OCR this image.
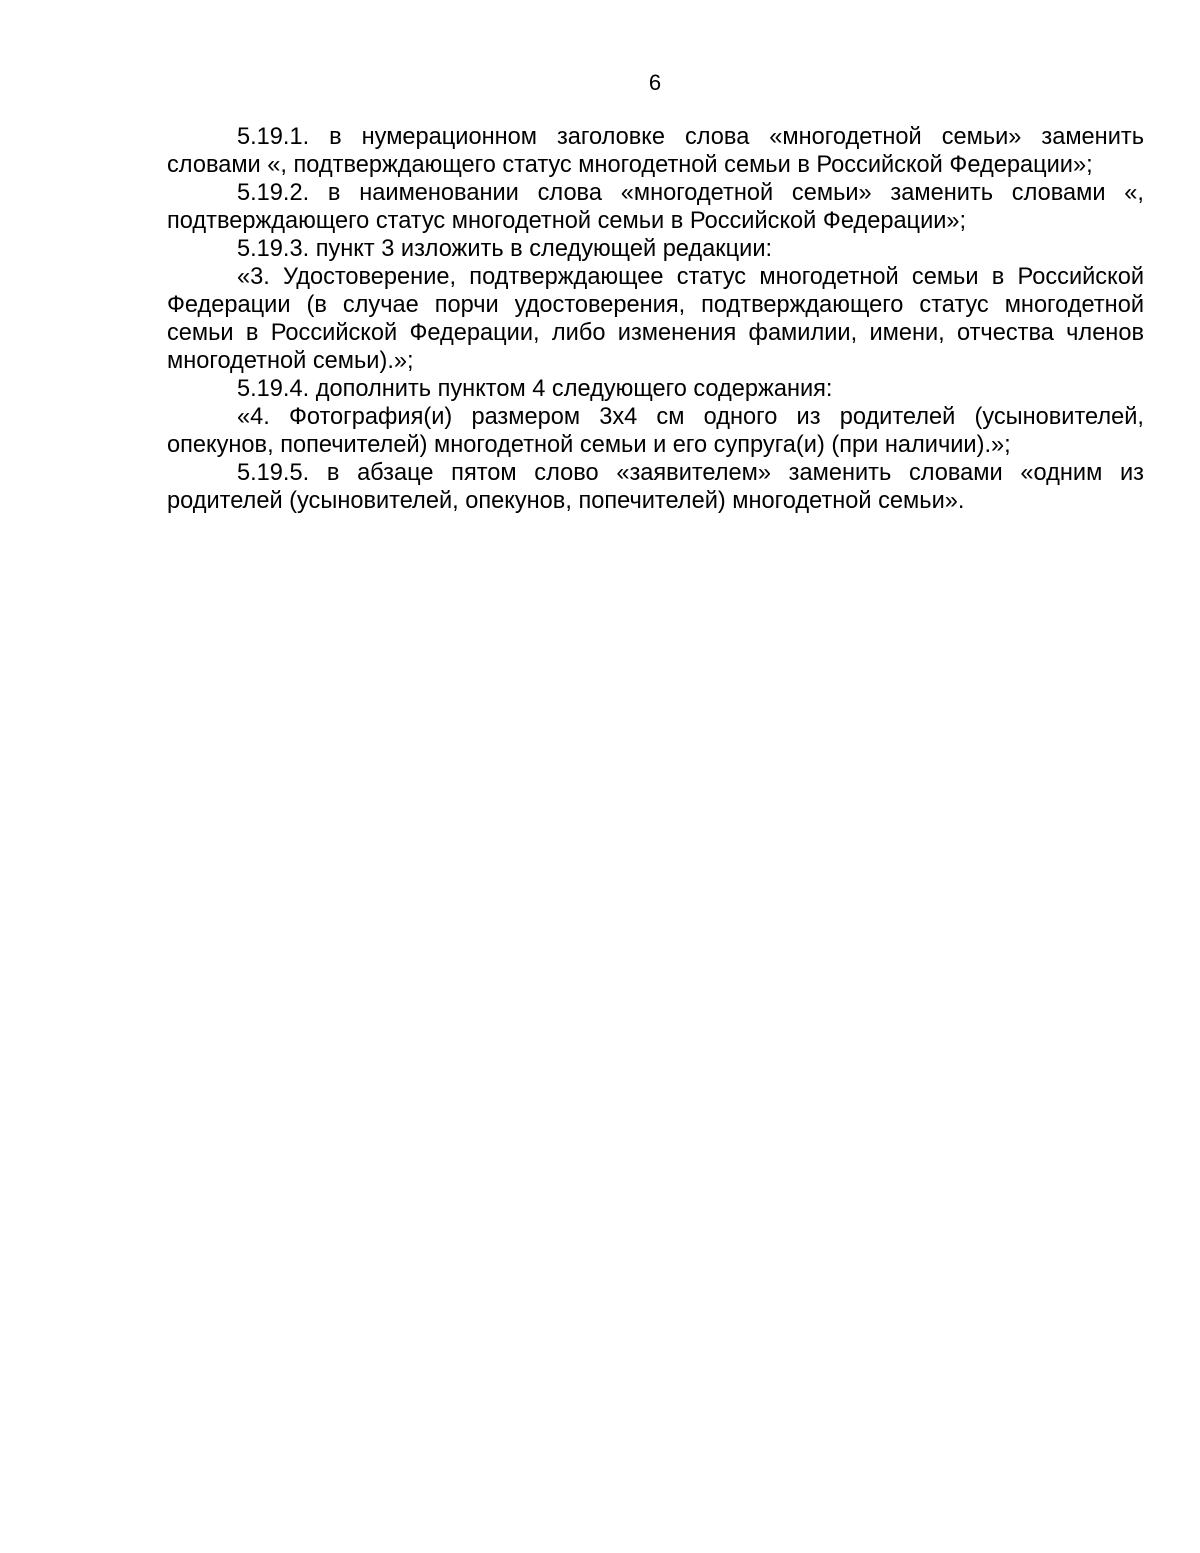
6

5.19.1. в нумерационном заголовке слова «многодетной семьи» заменить словами «, подтверждающего статус многодетной семьи в Российской Федерации»;

5.19.2. в наименовании слова «многодетной семьи» заменить словами «, подтверждающего статус многодетной семьи в Российской Федерации»;

5.19.3. пункт 3 изложить в следующей редакции:

«3. Удостоверение, подтверждающее статус многодетной семьи в Российской Федерации (в случае порчи удостоверения, подтверждающего статус многодетной семьи в Российской Федерации, либо изменения фамилии, имени, отчества членов многодетной семьи).»;

5.19.4. дополнить пунктом 4 следующего содержания:

«4. Фотография(и) размером 3x4 см одного из родителей (усыновителей, опекунов, попечителей) многодетной семьи и его супруга(и) (при наличии).»;

5.19.5. в абзаце пятом слово «заявителем» заменить словами «одним из родителей (усыновителей, опекунов, попечителей) многодетной семьи».
